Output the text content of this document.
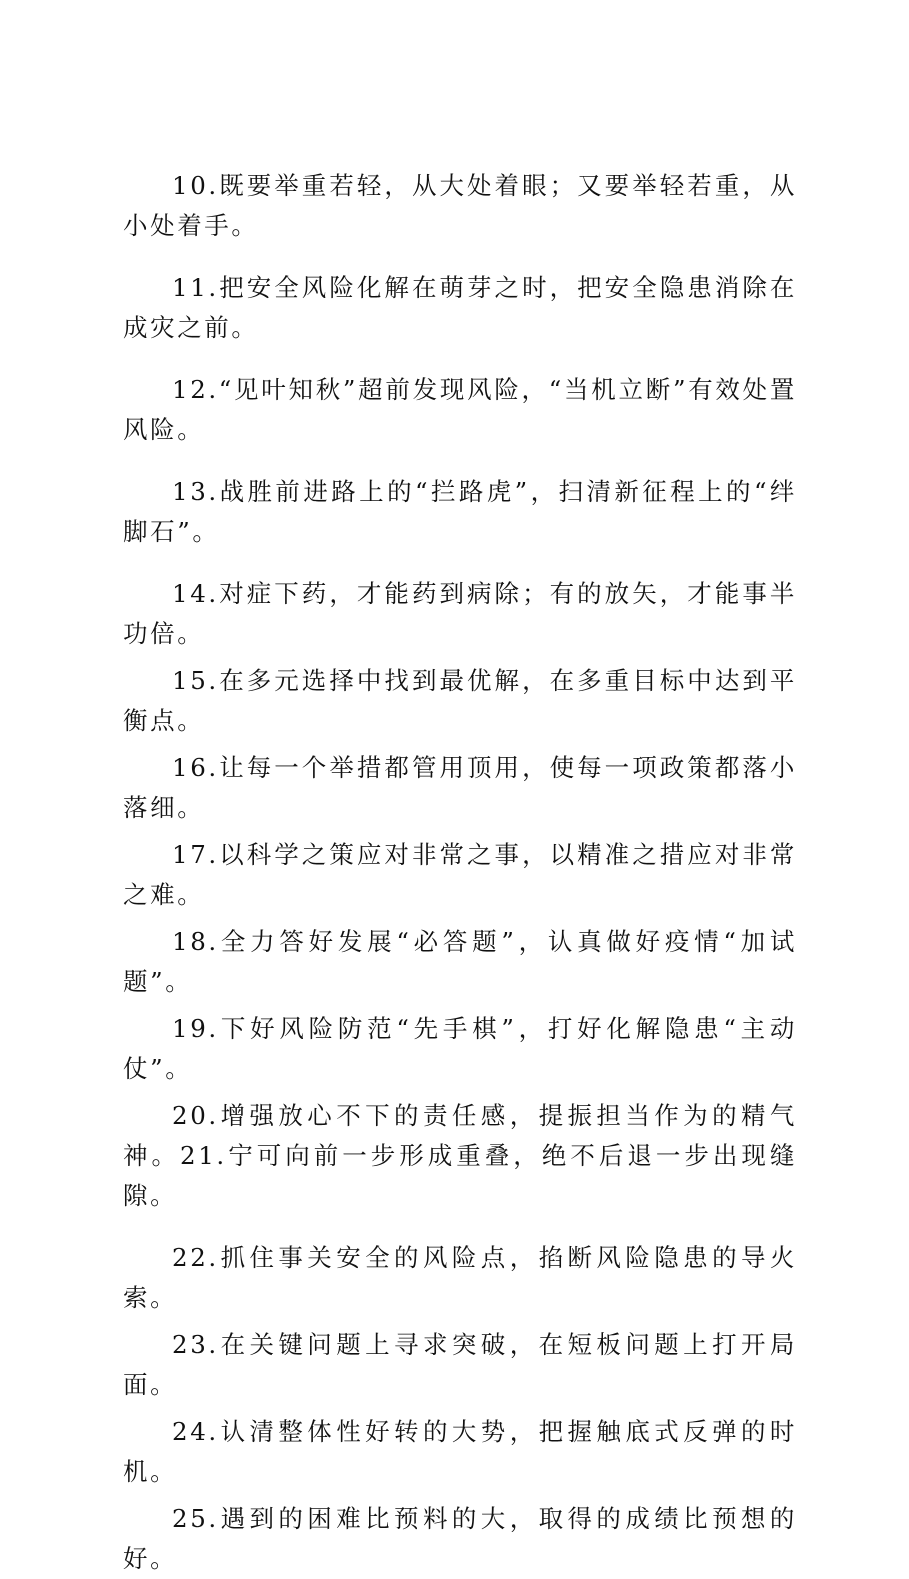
10.既要举重若轻，从大处着眼；又要举轻若重，从小处着手。

11.把安全风险化解在萌芽之时，把安全隐患消除在成灾之前。

12.“见叶知秋”超前发现风险，“当机立断”有效处置风险。

13.战胜前进路上的“拦路虎”，扫清新征程上的“绊脚石”。

14.对症下药，才能药到病除；有的放矢，才能事半功倍。

15.在多元选择中找到最优解，在多重目标中达到平衡点。

16.让每一个举措都管用顶用，使每一项政策都落小落细。

17.以科学之策应对非常之事，以精准之措应对非常之难。

18.全力答好发展“必答题”，认真做好疫情“加试题”。

19.下好风险防范“先手棋”，打好化解隐患“主动仗”。

20.增强放心不下的责任感，提振担当作为的精气神。21.宁可向前一步形成重叠，绝不后退一步出现缝隙。

22.抓住事关安全的风险点，掐断风险隐患的导火索。

23.在关键问题上寻求突破，在短板问题上打开局面。

24.认清整体性好转的大势，把握触底式反弹的时机。

25.遇到的困难比预料的大，取得的成绩比预想的好。
